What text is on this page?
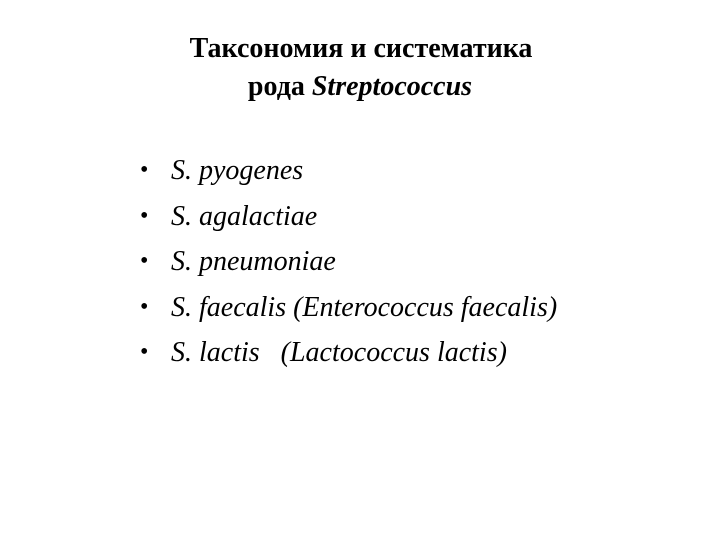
Таксономия и систематика
рода Streptococcus
• S. pyogenes
• S. agalactiae
• S. pneumoniae
• S. faecalis (Enterococcus faecalis)
• S. lactis   (Lactococcus lactis)
